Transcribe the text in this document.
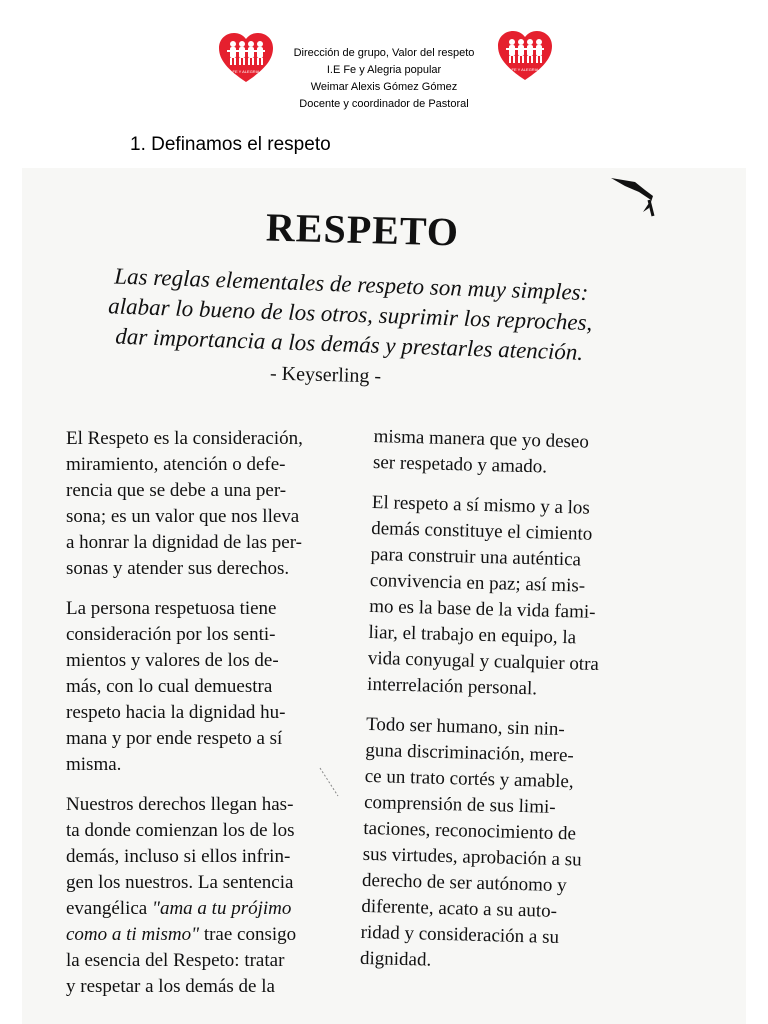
FE Y ALEGRIA	FE Y ALEGRIA
Dirección de grupo, Valor del respeto
I.E Fe y Alegria popular
Weimar Alexis Gómez Gómez
Docente y coordinador de Pastoral
1. Definamos el respeto
RESPETO
Las reglas elementales de respeto son muy simples:
alabar lo bueno de los otros, suprimir los reproches,
dar importancia a los demás y prestarles atención.
- Keyserling -
El Respeto es la consideración,
miramiento, atención o defe-
rencia que se debe a una per-
sona; es un valor que nos lleva
a honrar la dignidad de las per-
sonas y atender sus derechos.
La persona respetuosa tiene
consideración por los senti-
mientos y valores de los de-
más, con lo cual demuestra
respeto hacia la dignidad hu-
mana y por ende respeto a sí
misma.
Nuestros derechos llegan has-
ta donde comienzan los de los
demás, incluso si ellos infrin-
gen los nuestros. La sentencia
evangélica "ama a tu prójimo
como a ti mismo" trae consigo
la esencia del Respeto: tratar
y respetar a los demás de la
misma manera que yo deseo
ser respetado y amado.
El respeto a sí mismo y a los
demás constituye el cimiento
para construir una auténtica
convivencia en paz; así mis-
mo es la base de la vida fami-
liar, el trabajo en equipo, la
vida conyugal y cualquier otra
interrelación personal.
Todo ser humano, sin nin-
guna discriminación, mere-
ce un trato cortés y amable,
comprensión de sus limi-
taciones, reconocimiento de
sus virtudes, aprobación a su
derecho de ser autónomo y
diferente, acato a su auto-
ridad y consideración a su
dignidad.
